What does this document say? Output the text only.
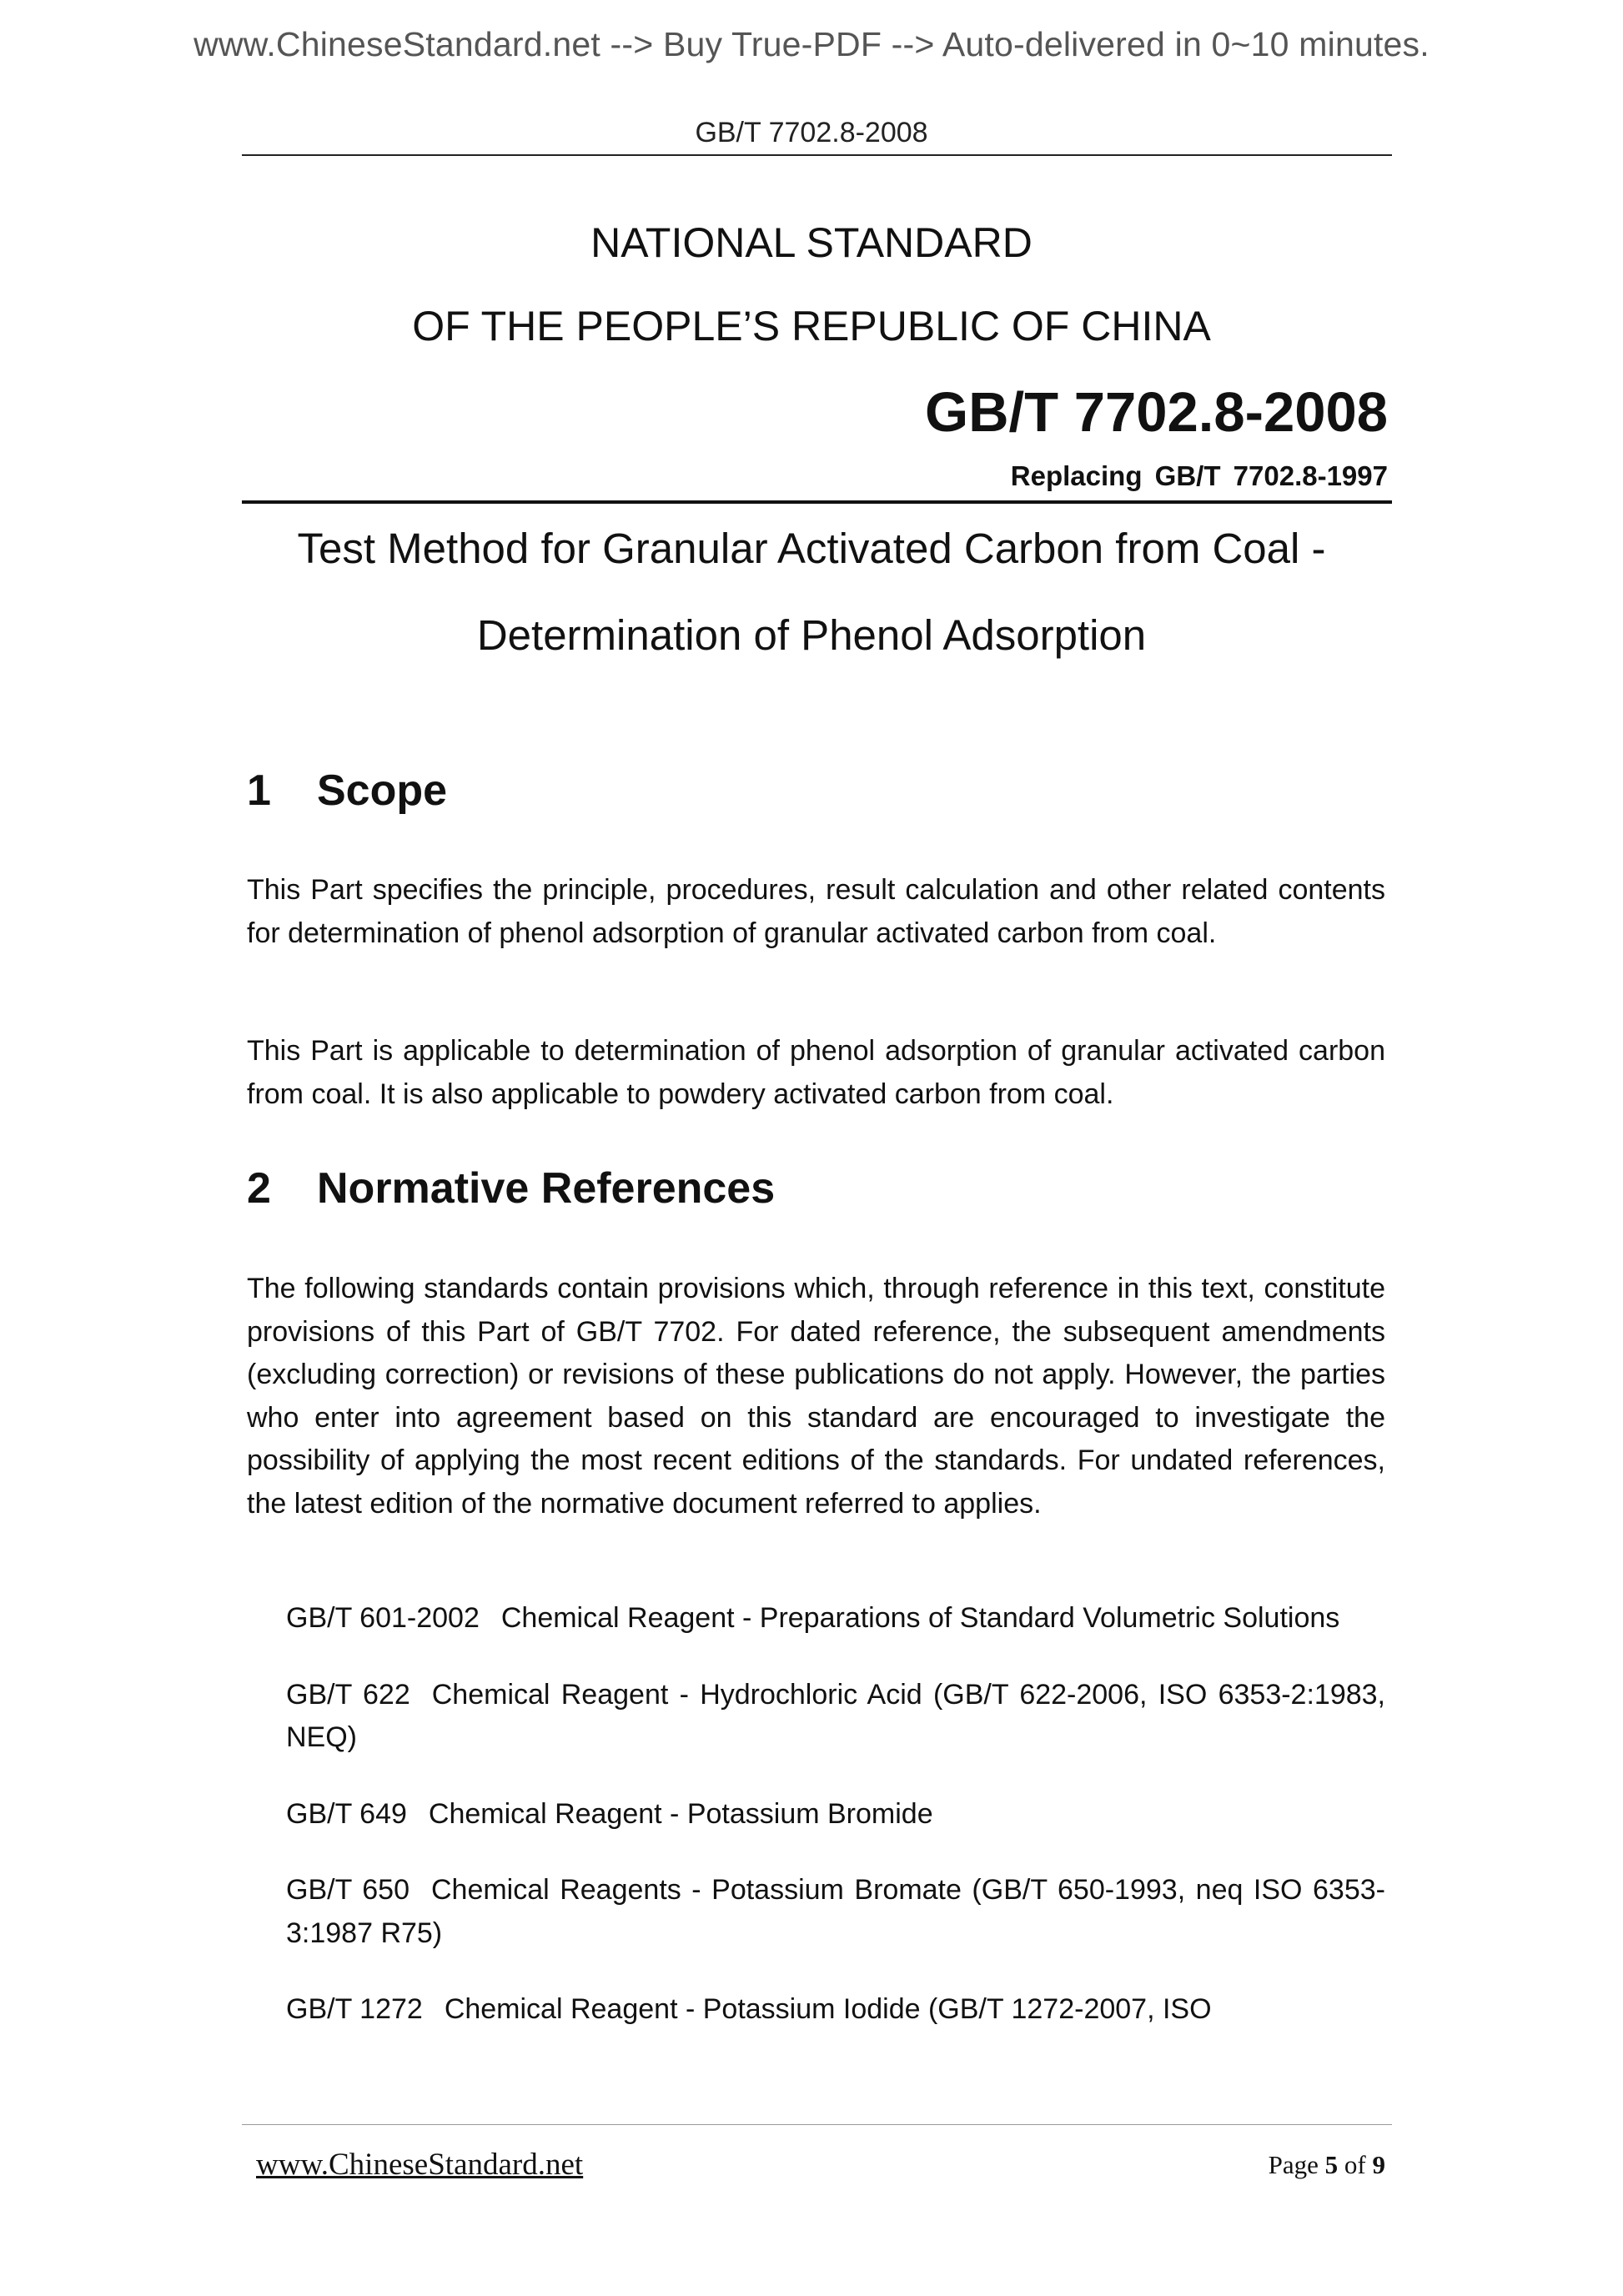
www.ChineseStandard.net --> Buy True-PDF --> Auto-delivered in 0~10 minutes.
GB/T 7702.8-2008
NATIONAL STANDARD
OF THE PEOPLE’S REPUBLIC OF CHINA
GB/T 7702.8-2008
Replacing GB/T 7702.8-1997
Test Method for Granular Activated Carbon from Coal -
Determination of Phenol Adsorption
1 Scope
This Part specifies the principle, procedures, result calculation and other related contents for determination of phenol adsorption of granular activated carbon from coal.
This Part is applicable to determination of phenol adsorption of granular activated carbon from coal. It is also applicable to powdery activated carbon from coal.
2 Normative References
The following standards contain provisions which, through reference in this text, constitute provisions of this Part of GB/T 7702. For dated reference, the subsequent amendments (excluding correction) or revisions of these publications do not apply. However, the parties who enter into agreement based on this standard are encouraged to investigate the possibility of applying the most recent editions of the standards. For undated references, the latest edition of the normative document referred to applies.
GB/T 601-2002 Chemical Reagent - Preparations of Standard Volumetric Solutions
GB/T 622 Chemical Reagent - Hydrochloric Acid (GB/T 622-2006, ISO 6353-2:1983, NEQ)
GB/T 649 Chemical Reagent - Potassium Bromide
GB/T 650 Chemical Reagents - Potassium Bromate (GB/T 650-1993, neq ISO 6353-3:1987 R75)
GB/T 1272 Chemical Reagent - Potassium Iodide (GB/T 1272-2007, ISO
www.ChineseStandard.net	Page 5 of 9
